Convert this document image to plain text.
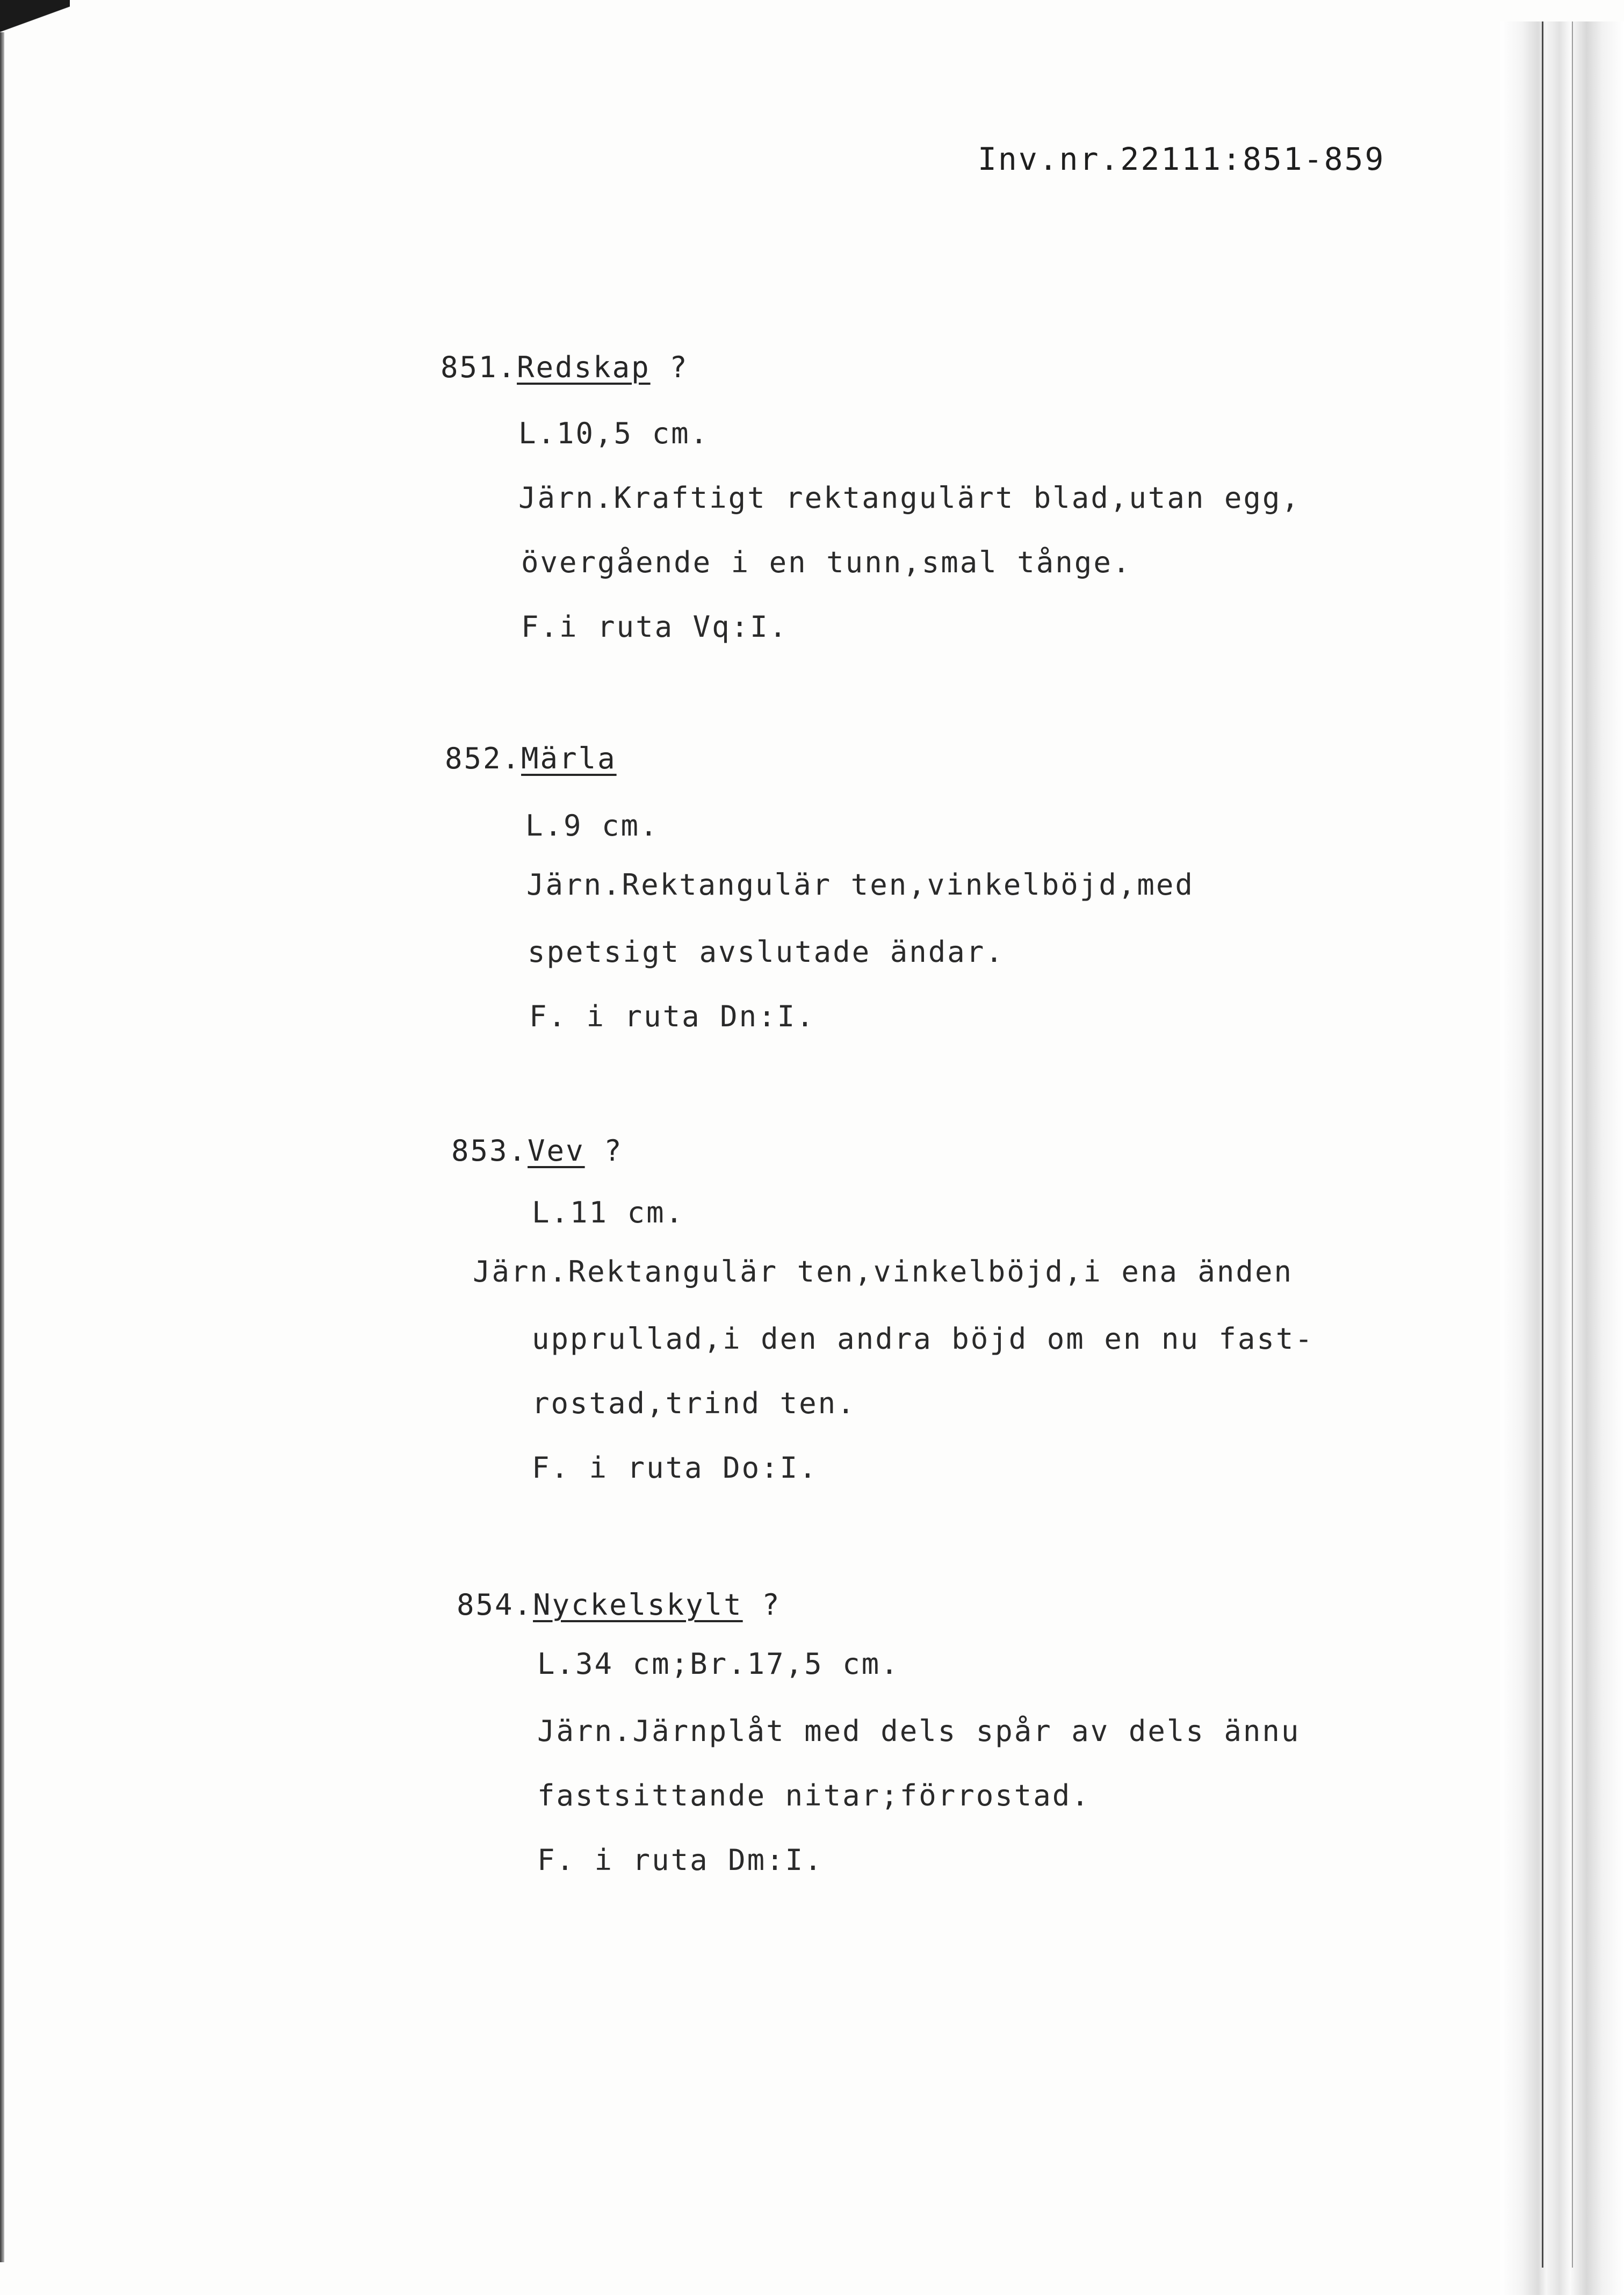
Inv.nr.22111:851-859
851.Redskap ?
L.10,5 cm.
Järn.Kraftigt rektangulärt blad,utan egg,
övergående i en tunn,smal tånge.
F.i ruta Vq:I.
852.Märla
L.9 cm.
Järn.Rektangulär ten,vinkelböjd,med
spetsigt avslutade ändar.
F. i ruta Dn:I.
853.Vev ?
L.11 cm.
Järn.Rektangulär ten,vinkelböjd,i ena änden
upprullad,i den andra böjd om en nu fast-
rostad,trind ten.
F. i ruta Do:I.
854.Nyckelskylt ?
L.34 cm;Br.17,5 cm.
Järn.Järnplåt med dels spår av dels ännu
fastsittande nitar;förrostad.
F. i ruta Dm:I.
